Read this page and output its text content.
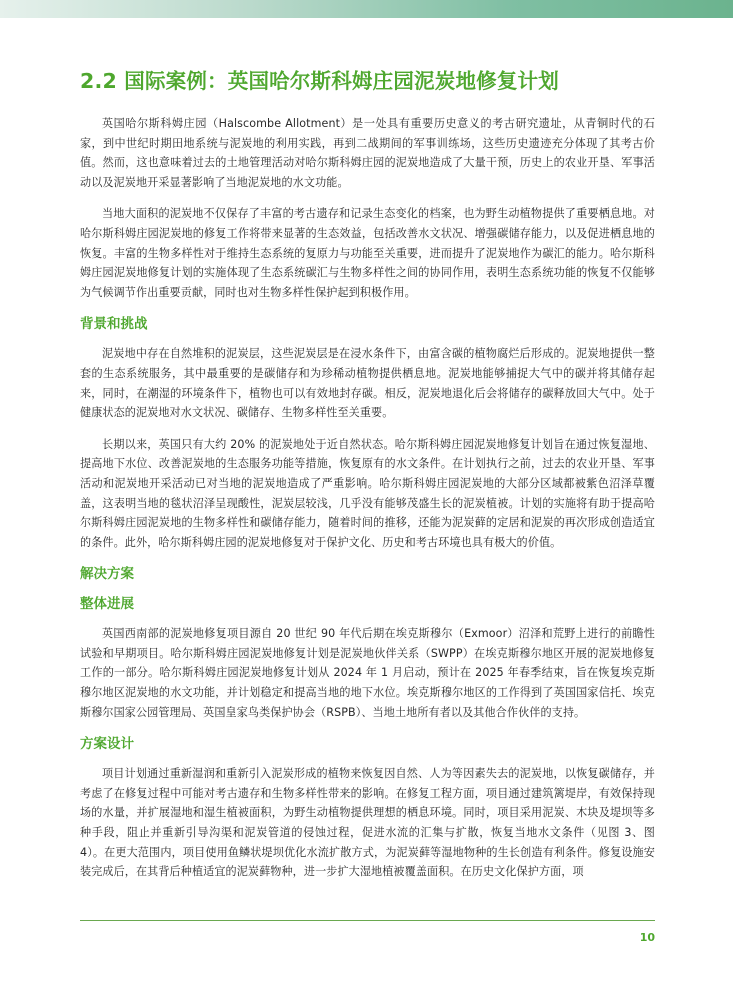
2.2 国际案例：英国哈尔斯科姆庄园泥炭地修复计划

英国哈尔斯科姆庄园（Halscombe Allotment）是一处具有重要历史意义的考古研究遗址，从青铜时代的石家，到中世纪时期田地系统与泥炭地的利用实践，再到二战期间的军事训练场，这些历史遗迹充分体现了其考古价值。然而，这也意味着过去的土地管理活动对哈尔斯科姆庄园的泥炭地造成了大量干预，历史上的农业开垦、军事活动以及泥炭地开采显著影响了当地泥炭地的水文功能。

当地大面积的泥炭地不仅保存了丰富的考古遗存和记录生态变化的档案，也为野生动植物提供了重要栖息地。对哈尔斯科姆庄园泥炭地的修复工作将带来显著的生态效益，包括改善水文状况、增强碳储存能力，以及促进栖息地的恢复。丰富的生物多样性对于维持生态系统的复原力与功能至关重要，进而提升了泥炭地作为碳汇的能力。哈尔斯科姆庄园泥炭地修复计划的实施体现了生态系统碳汇与生物多样性之间的协同作用，表明生态系统功能的恢复不仅能够为气候调节作出重要贡献，同时也对生物多样性保护起到积极作用。

背景和挑战

泥炭地中存在自然堆积的泥炭层，这些泥炭层是在浸水条件下，由富含碳的植物腐烂后形成的。泥炭地提供一整套的生态系统服务，其中最重要的是碳储存和为珍稀动植物提供栖息地。泥炭地能够捕捉大气中的碳并将其储存起来，同时，在潮湿的环境条件下，植物也可以有效地封存碳。相反，泥炭地退化后会将储存的碳释放回大气中。处于健康状态的泥炭地对水文状况、碳储存、生物多样性至关重要。

长期以来，英国只有大约 20% 的泥炭地处于近自然状态。哈尔斯科姆庄园泥炭地修复计划旨在通过恢复湿地、提高地下水位、改善泥炭地的生态服务功能等措施，恢复原有的水文条件。在计划执行之前，过去的农业开垦、军事活动和泥炭地开采活动已对当地的泥炭地造成了严重影响。哈尔斯科姆庄园泥炭地的大部分区域都被紫色沼泽草覆盖，这表明当地的毯状沼泽呈现酸性，泥炭层较浅，几乎没有能够茂盛生长的泥炭植被。计划的实施将有助于提高哈尔斯科姆庄园泥炭地的生物多样性和碳储存能力，随着时间的推移，还能为泥炭藓的定居和泥炭的再次形成创造适宜的条件。此外，哈尔斯科姆庄园的泥炭地修复对于保护文化、历史和考古环境也具有极大的价值。

解决方案
整体进展

英国西南部的泥炭地修复项目源自 20 世纪 90 年代后期在埃克斯穆尔（Exmoor）沼泽和荒野上进行的前瞻性试验和早期项目。哈尔斯科姆庄园泥炭地修复计划是泥炭地伙伴关系（SWPP）在埃克斯穆尔地区开展的泥炭地修复工作的一部分。哈尔斯科姆庄园泥炭地修复计划从 2024 年 1 月启动，预计在 2025 年春季结束，旨在恢复埃克斯穆尔地区泥炭地的水文功能，并计划稳定和提高当地的地下水位。埃克斯穆尔地区的工作得到了英国国家信托、埃克斯穆尔国家公园管理局、英国皇家鸟类保护协会（RSPB）、当地土地所有者以及其他合作伙伴的支持。

方案设计

项目计划通过重新湿润和重新引入泥炭形成的植物来恢复因自然、人为等因素失去的泥炭地，以恢复碳储存，并考虑了在修复过程中可能对考古遗存和生物多样性带来的影响。在修复工程方面，项目通过建筑篱堤岸，有效保持现场的水量，并扩展湿地和湿生植被面积，为野生动植物提供理想的栖息环境。同时，项目采用泥炭、木块及堤坝等多种手段，阻止并重新引导沟渠和泥炭管道的侵蚀过程，促进水流的汇集与扩散，恢复当地水文条件（见图 3、图 4）。在更大范围内，项目使用鱼鳞状堤坝优化水流扩散方式，为泥炭藓等湿地物种的生长创造有利条件。修复设施安装完成后，在其背后种植适宜的泥炭藓物种，进一步扩大湿地植被覆盖面积。在历史文化保护方面，项

10
